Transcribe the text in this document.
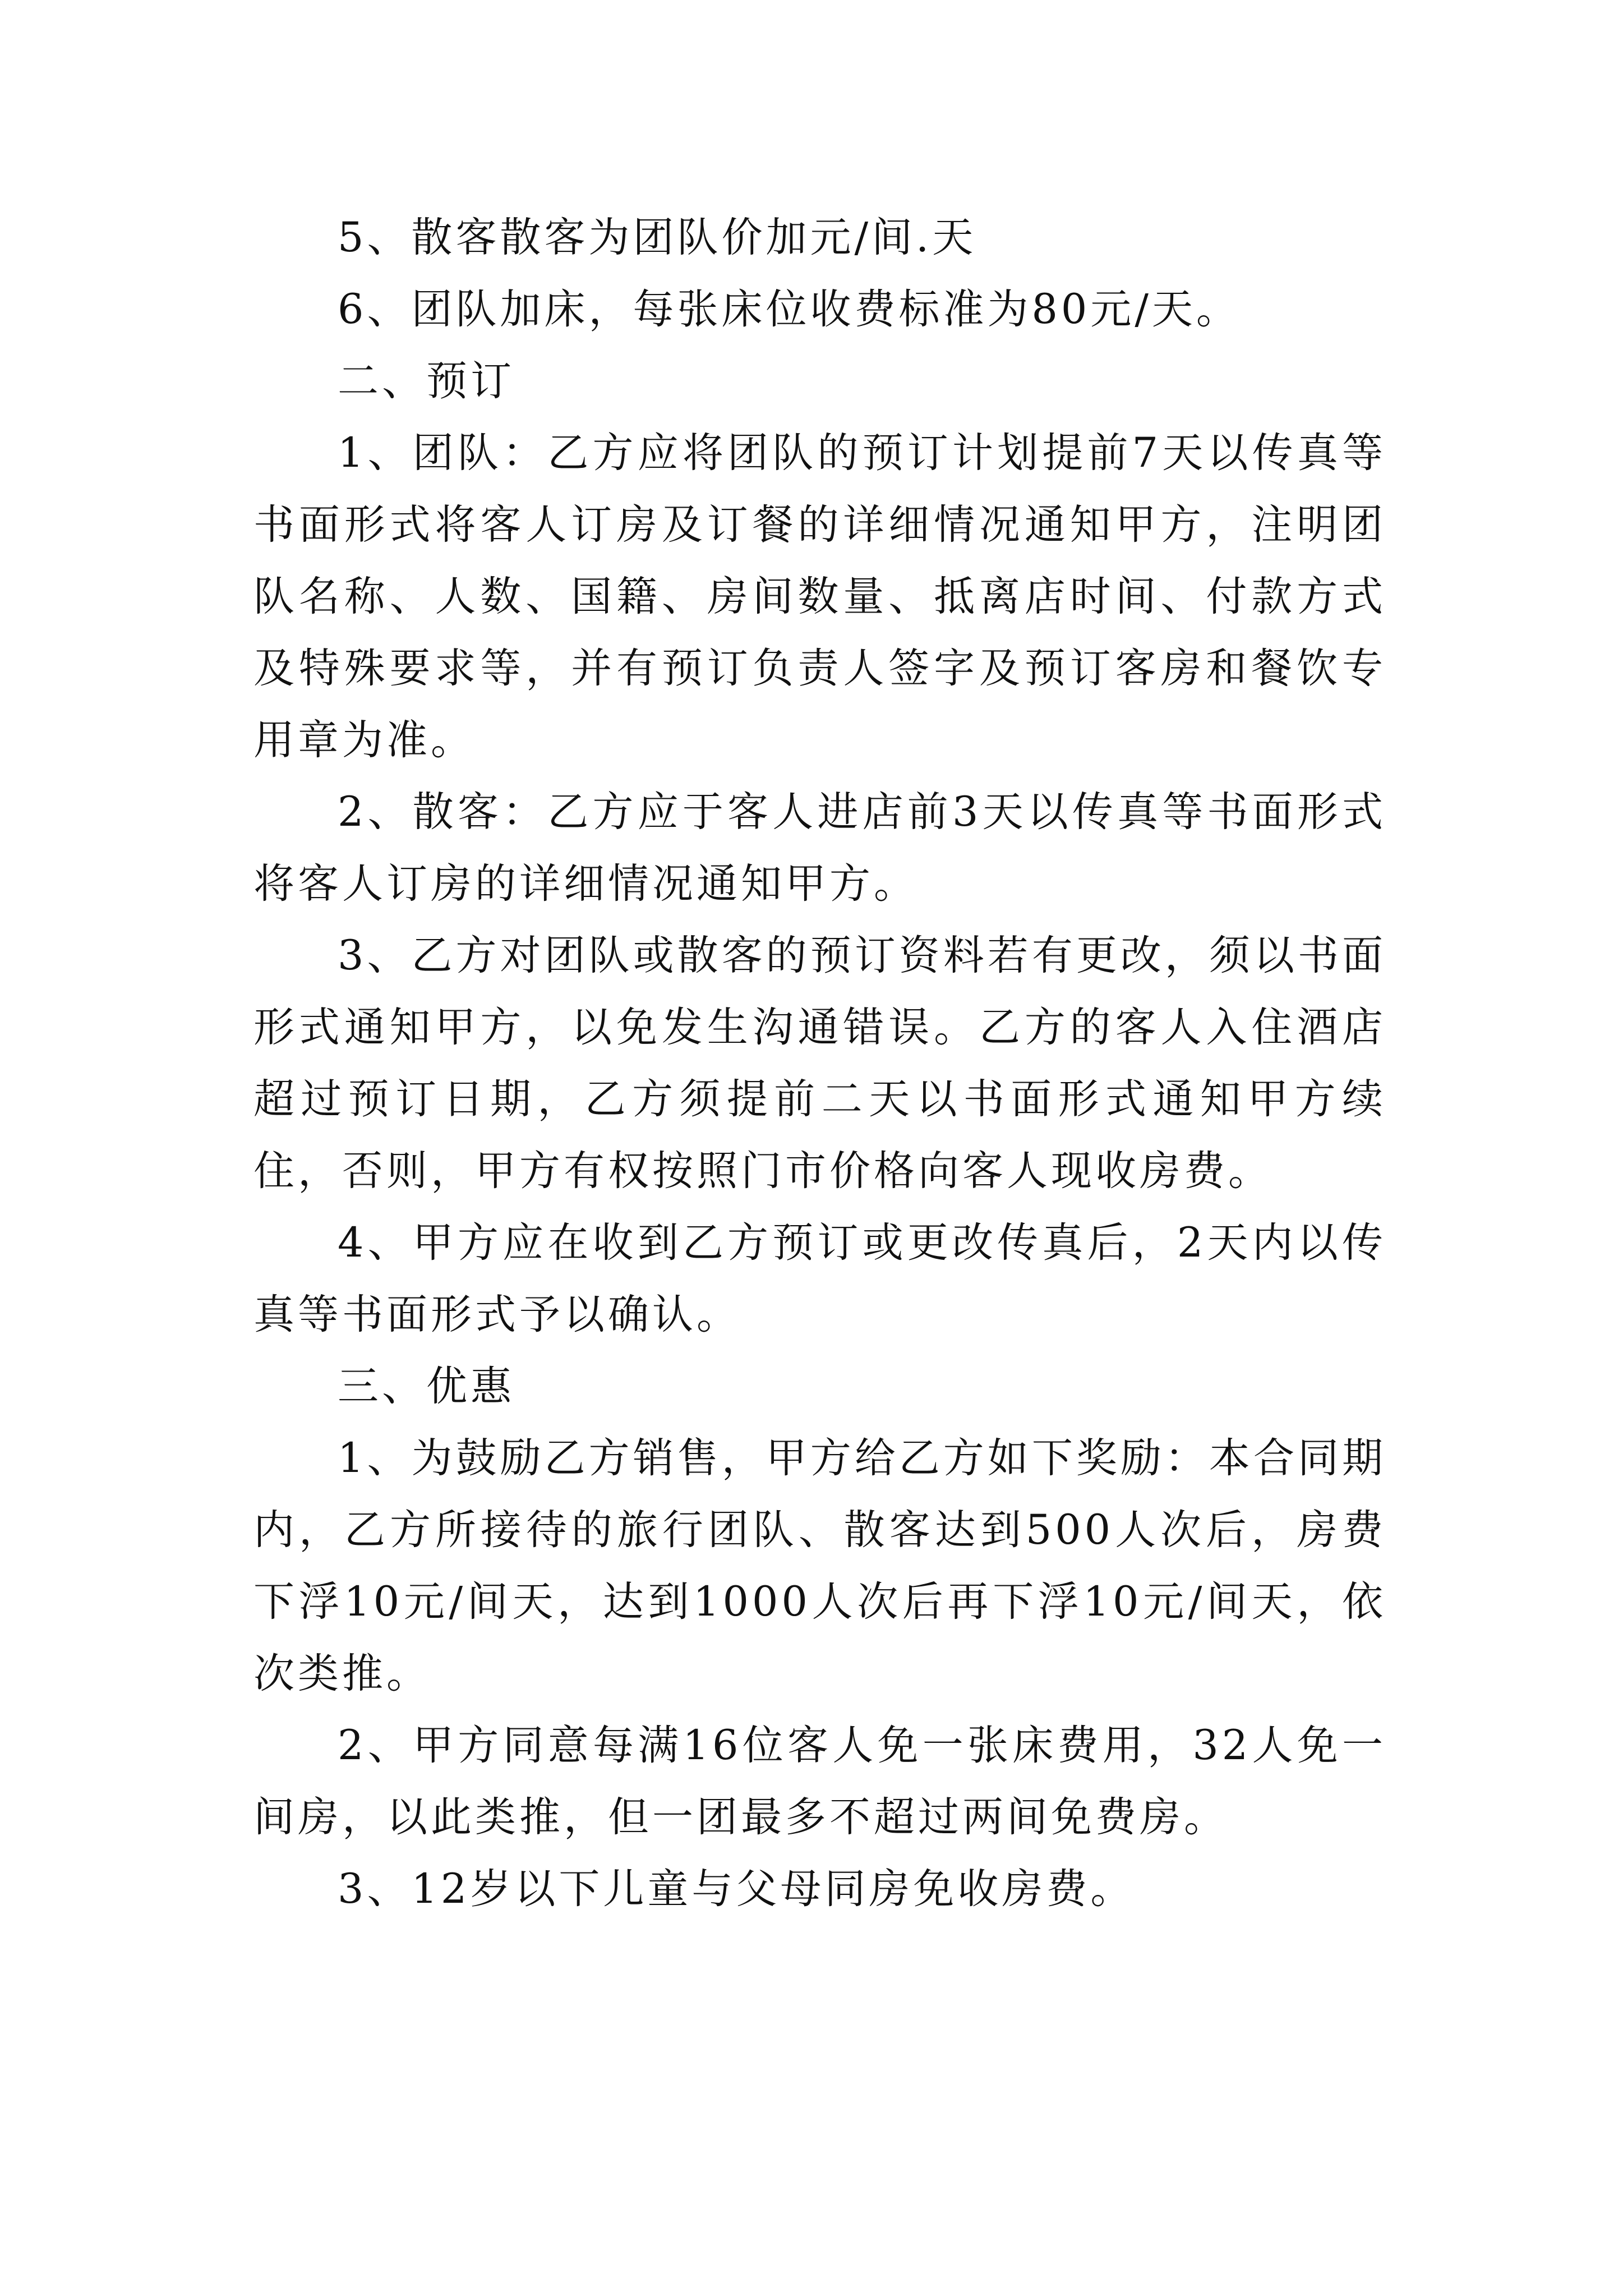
5、散客散客为团队价加元/间.天

6、团队加床，每张床位收费标准为80元/天。

二、预订

1、团队：乙方应将团队的预订计划提前7天以传真等书面形式将客人订房及订餐的详细情况通知甲方，注明团队名称、人数、国籍、房间数量、抵离店时间、付款方式及特殊要求等，并有预订负责人签字及预订客房和餐饮专用章为准。

2、散客：乙方应于客人进店前3天以传真等书面形式将客人订房的详细情况通知甲方。

3、乙方对团队或散客的预订资料若有更改，须以书面形式通知甲方，以免发生沟通错误。乙方的客人入住酒店超过预订日期，乙方须提前二天以书面形式通知甲方续住，否则，甲方有权按照门市价格向客人现收房费。

4、甲方应在收到乙方预订或更改传真后，2天内以传真等书面形式予以确认。

三、优惠

1、为鼓励乙方销售，甲方给乙方如下奖励：本合同期内，乙方所接待的旅行团队、散客达到500人次后，房费下浮10元/间天，达到1000人次后再下浮10元/间天，依次类推。

2、甲方同意每满16位客人免一张床费用，32人免一间房，以此类推，但一团最多不超过两间免费房。

3、12岁以下儿童与父母同房免收房费。
